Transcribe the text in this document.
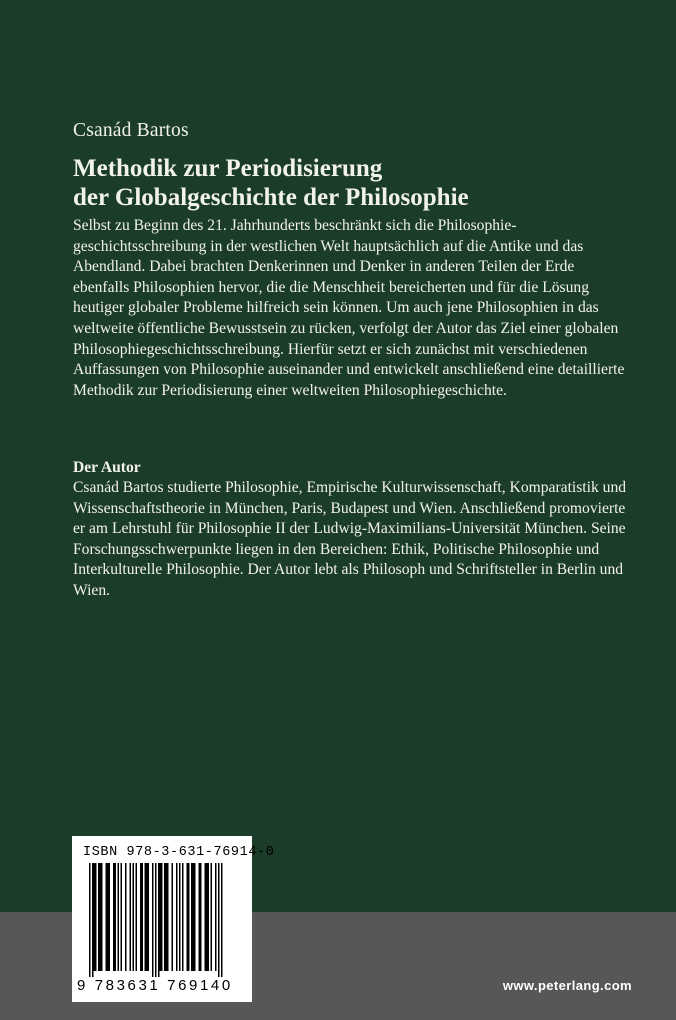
Csanád Bartos
Methodik zur Periodisierung
der Globalgeschichte der Philosophie

Selbst zu Beginn des 21. Jahrhunderts beschränkt sich die Philosophiegeschichtsschreibung in der westlichen Welt hauptsächlich auf die Antike und das Abendland. Dabei brachten Denkerinnen und Denker in anderen Teilen der Erde ebenfalls Philosophien hervor, die die Menschheit bereicherten und für die Lösung heutiger globaler Probleme hilfreich sein können. Um auch jene Philosophien in das weltweite öffentliche Bewusstsein zu rücken, verfolgt der Autor das Ziel einer globalen Philosophiegeschichtsschreibung. Hierfür setzt er sich zunächst mit verschiedenen Auffassungen von Philosophie auseinander und entwickelt anschließend eine detaillierte Methodik zur Periodisierung einer weltweiten Philosophiegeschichte.

Der Autor

Csanád Bartos studierte Philosophie, Empirische Kulturwissenschaft, Komparatistik und Wissenschaftstheorie in München, Paris, Budapest und Wien. Anschließend promovierte er am Lehrstuhl für Philosophie II der Ludwig-Maximilians-Universität München. Seine Forschungsschwerpunkte liegen in den Bereichen: Ethik, Politische Philosophie und Interkulturelle Philosophie. Der Autor lebt als Philosoph und Schriftsteller in Berlin und Wien.

www.peterlang.com
ISBN 978-3-631-76914-0
9 783631 769140
